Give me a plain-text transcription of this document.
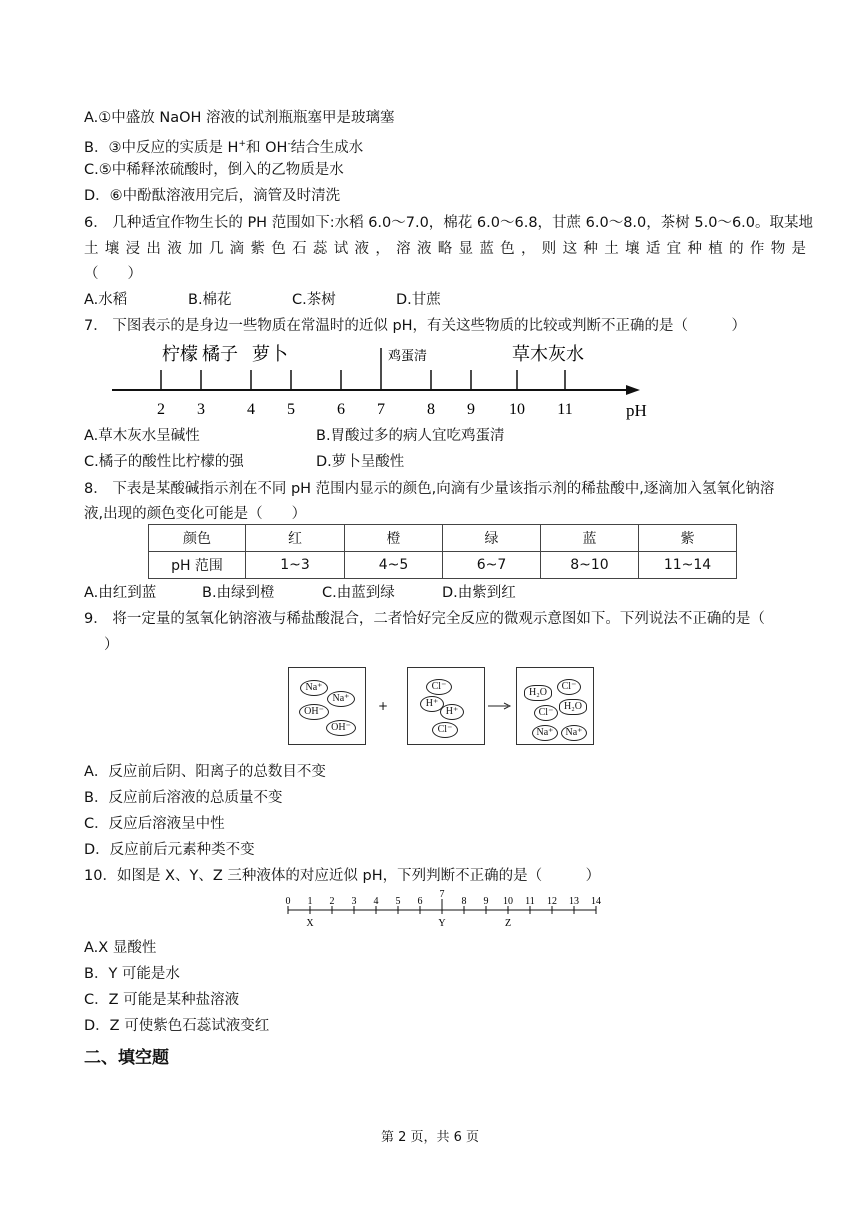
A.①中盛放 NaOH 溶液的试剂瓶瓶塞甲是玻璃塞
B．③中反应的实质是 H+和 OH-结合生成水
C.⑤中稀释浓硫酸时，倒入的乙物质是水
D．⑥中酚酞溶液用完后，滴管及时清洗
6． 几种适宜作物生长的 PH 范围如下:水稻 6.0～7.0，棉花 6.0～6.8，甘蔗 6.0～8.0，茶树 5.0～6.0。取某地
土壤浸出液加几滴紫色石蕊试液，溶液略显蓝色，则这种土壤适宜种植的作物是
（　　）
A.水稻	B.棉花	C.茶树	D.甘蔗
7． 下图表示的是身边一些物质在常温时的近似 pH，有关这些物质的比较或判断不正确的是（　　　）
2 3	4 5	6 7	8 9 10 11	pH
柠檬 橘子 萝卜	鸡蛋清	草木灰水
A.草木灰水呈碱性	B.胃酸过多的病人宜吃鸡蛋清
C.橘子的酸性比柠檬的强	D.萝卜呈酸性
8． 下表是某酸碱指示剂在不同 pH 范围内显示的颜色,向滴有少量该指示剂的稀盐酸中,逐滴加入氢氧化钠溶
液,出现的颜色变化可能是（　　）
颜色	红	橙	绿	蓝	紫
pH 范围	1~3	4~5	6~7	8~10	11~14
A.由红到蓝	B.由绿到橙	C.由蓝到绿	D.由紫到红
9． 将一定量的氢氧化钠溶液与稀盐酸混合，二者恰好完全反应的微观示意图如下。下列说法不正确的是（
）
Na⁺
Na⁺
OH⁻
OH⁻
+
Cl⁻
H⁺
H⁺
Cl⁻
H₂O
Cl⁻
Cl⁻
H₂O
Na⁺	Na⁺
A．反应前后阴、阳离子的总数目不变
B．反应前后溶液的总质量不变
C．反应后溶液呈中性
D．反应前后元素种类不变
10．如图是 X、Y、Z 三种液体的对应近似 pH，下列判断不正确的是（　　　）
0 1 2 3 4 5 6
7
8 9 10 11 12 13 14
X	Y	Z
A.X 显酸性
B．Y 可能是水
C．Z 可能是某种盐溶液
D．Z 可使紫色石蕊试液变红
二、填空题
第 2 页，共 6 页
